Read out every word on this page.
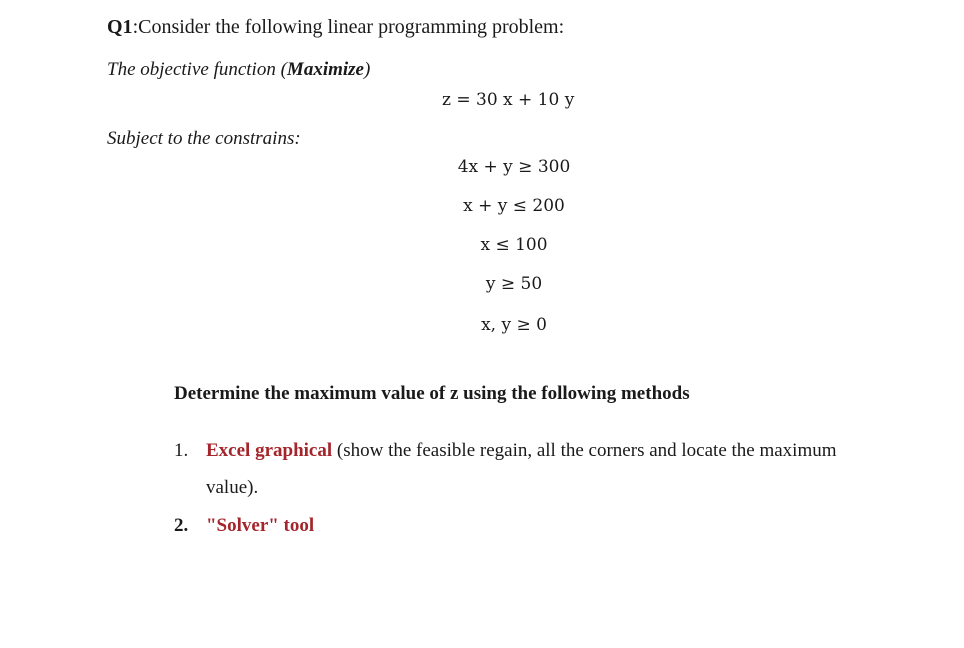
Q1:Consider the following linear programming problem:
The objective function (Maximize)
z = 30 x + 10 y
Subject to the constrains:
4x + y ≥ 300
x + y ≤ 200
x ≤ 100
y ≥ 50
x, y ≥ 0
Determine the maximum value of z using the following methods
1. Excel graphical (show the feasible regain, all the corners and locate the maximum
value).
2. "Solver" tool
